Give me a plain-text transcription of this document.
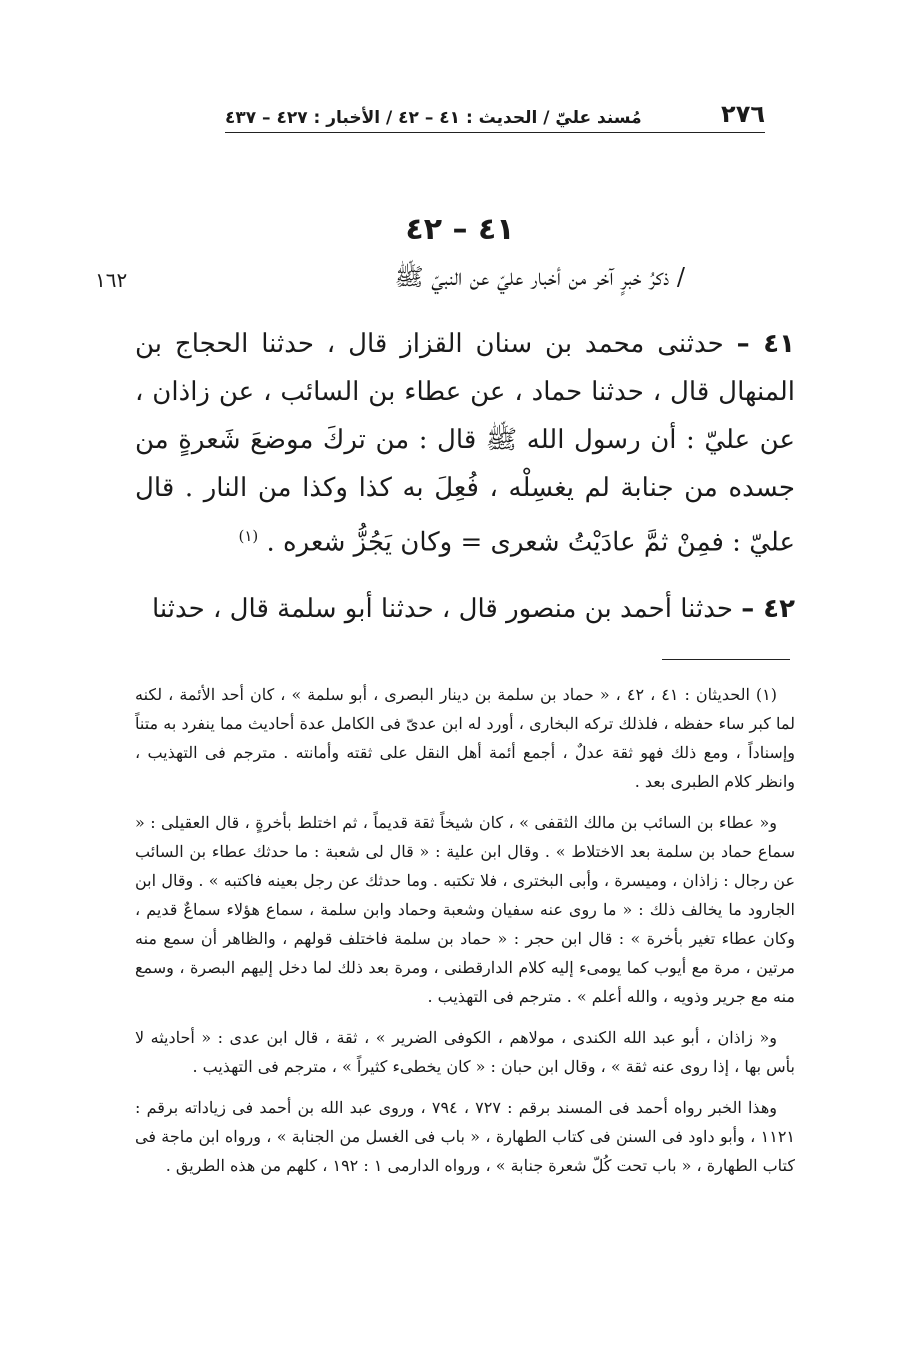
٢٧٦
مُسند عليّ / الحديث : ٤١ – ٤٢ / الأخبار : ٤٢٧ – ٤٣٧
٤١ – ٤٢
/ ذكرُ خبرٍ آخر من أخبار عليّ عن النبيّ ﷺ
١٦٢

٤١ – حدثنى محمد بن سنان القزاز قال ، حدثنا الحجاج بن المنهال قال ، حدثنا حماد ، عن عطاء بن السائب ، عن زاذان ، عن عليّ : أن رسول الله ﷺ قال : من تركَ موضعَ شَعرةٍ من جسده من جنابة لم يغسِلْه ، فُعِلَ به كذا وكذا من النار . قال عليّ : فمِنْ ثمَّ عادَيْتُ شعرى = وكان يَجُزُّ شعره . $^{(١)}$

٤٢ – حدثنا أحمد بن منصور قال ، حدثنا أبو سلمة قال ، حدثنا

(١) الحديثان : ٤١ ، ٤٢ ، « حماد بن سلمة بن دينار البصرى ، أبو سلمة » ، كان أحد الأئمة ، لكنه لما كبر ساء حفظه ، فلذلك تركه البخارى ، أورد له ابن عدىّ فى الكامل عدة أحاديث مما ينفرد به متناً وإسناداً ، ومع ذلك فهو ثقة عدلٌ ، أجمع أئمة أهل النقل على ثقته وأمانته . مترجم فى التهذيب ، وانظر كلام الطبرى بعد .

و« عطاء بن السائب بن مالك الثقفى » ، كان شيخاً ثقة قديماً ، ثم اختلط بأخرةٍ ، قال العقيلى : « سماع حماد بن سلمة بعد الاختلاط » . وقال ابن علية : « قال لى شعبة : ما حدثك عطاء بن السائب عن رجال : زاذان ، وميسرة ، وأبى البخترى ، فلا تكتبه . وما حدثك عن رجل بعينه فاكتبه » . وقال ابن الجارود ما يخالف ذلك : « ما روى عنه سفيان وشعبة وحماد وابن سلمة ، سماع هؤلاء سماعٌ قديم ، وكان عطاء تغير بأخرة » : قال ابن حجر : « حماد بن سلمة فاختلف قولهم ، والظاهر أن سمع منه مرتين ، مرة مع أيوب كما يومىء إليه كلام الدارقطنى ، ومرة بعد ذلك لما دخل إليهم البصرة ، وسمع منه مع جرير وذويه ، والله أعلم » . مترجم فى التهذيب .

و« زاذان ، أبو عبد الله الكندى ، مولاهم ، الكوفى الضرير » ، ثقة ، قال ابن عدى : « أحاديثه لا بأس بها ، إذا روى عنه ثقة » ، وقال ابن حبان : « كان يخطىء كثيراً » ، مترجم فى التهذيب .

وهذا الخبر رواه أحمد فى المسند برقم : ٧٢٧ ، ٧٩٤ ، وروى عبد الله بن أحمد فى زياداته برقم : ١١٢١ ، وأبو داود فى السنن فى كتاب الطهارة ، « باب فى الغسل من الجنابة » ، ورواه ابن ماجة فى كتاب الطهارة ، « باب تحت كُلّ شعرة جنابة » ، ورواه الدارمى ١ : ١٩٢ ، كلهم من هذه الطريق .
